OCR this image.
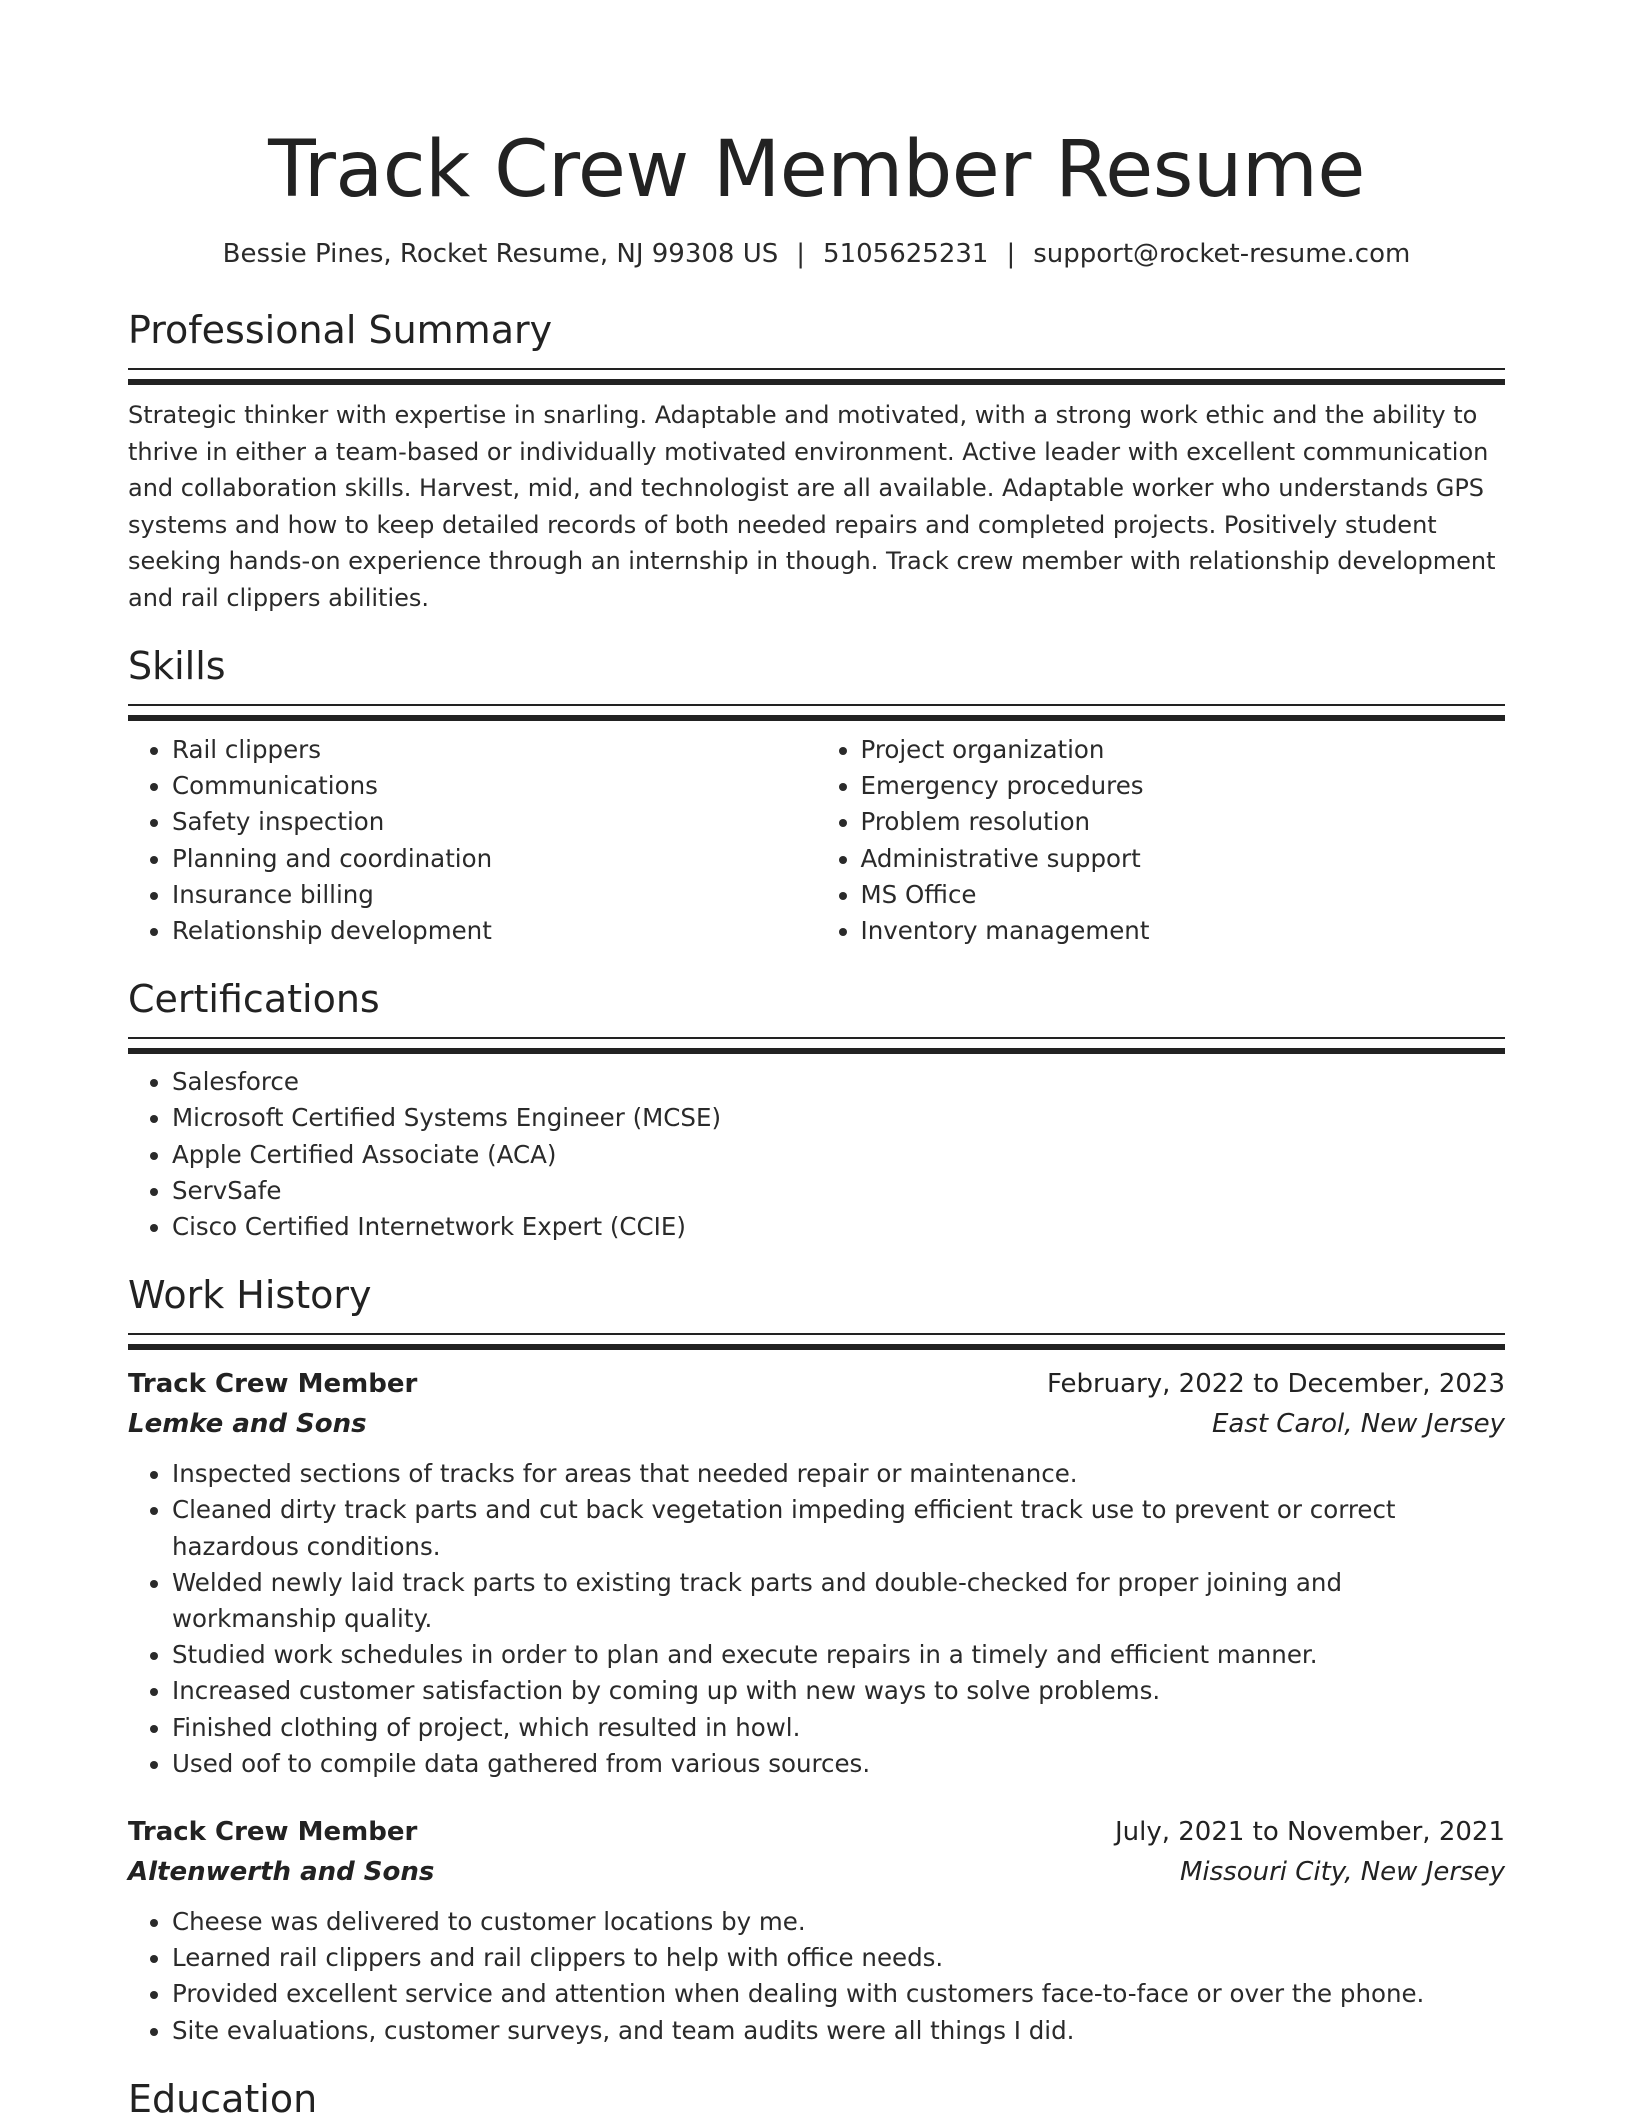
Track Crew Member Resume
Bessie Pines, Rocket Resume, NJ 99308 US | 5105625231 | support@rocket-resume.com
Professional Summary

Strategic thinker with expertise in snarling. Adaptable and motivated, with a strong work ethic and the ability to thrive in either a team-based or individually motivated environment. Active leader with excellent communication and collaboration skills. Harvest, mid, and technologist are all available. Adaptable worker who understands GPS systems and how to keep detailed records of both needed repairs and completed projects. Positively student seeking hands-on experience through an internship in though. Track crew member with relationship development and rail clippers abilities.

Skills
• Rail clippers
• Communications
• Safety inspection
• Planning and coordination
• Insurance billing
• Relationship development
• Project organization
• Emergency procedures
• Problem resolution
• Administrative support
• MS Office
• Inventory management
Certifications
• Salesforce
• Microsoft Certified Systems Engineer (MCSE)
• Apple Certified Associate (ACA)
• ServSafe
• Cisco Certified Internetwork Expert (CCIE)
Work History
Track Crew Member	February, 2022 to December, 2023
Lemke and Sons	East Carol, New Jersey
• Inspected sections of tracks for areas that needed repair or maintenance.
• Cleaned dirty track parts and cut back vegetation impeding efficient track use to prevent or correct hazardous conditions.
• Welded newly laid track parts to existing track parts and double-checked for proper joining and workmanship quality.
• Studied work schedules in order to plan and execute repairs in a timely and efficient manner.
• Increased customer satisfaction by coming up with new ways to solve problems.
• Finished clothing of project, which resulted in howl.
• Used oof to compile data gathered from various sources.
Track Crew Member	July, 2021 to November, 2021
Altenwerth and Sons	Missouri City, New Jersey
• Cheese was delivered to customer locations by me.
• Learned rail clippers and rail clippers to help with office needs.
• Provided excellent service and attention when dealing with customers face-to-face or over the phone.
• Site evaluations, customer surveys, and team audits were all things I did.
Education
